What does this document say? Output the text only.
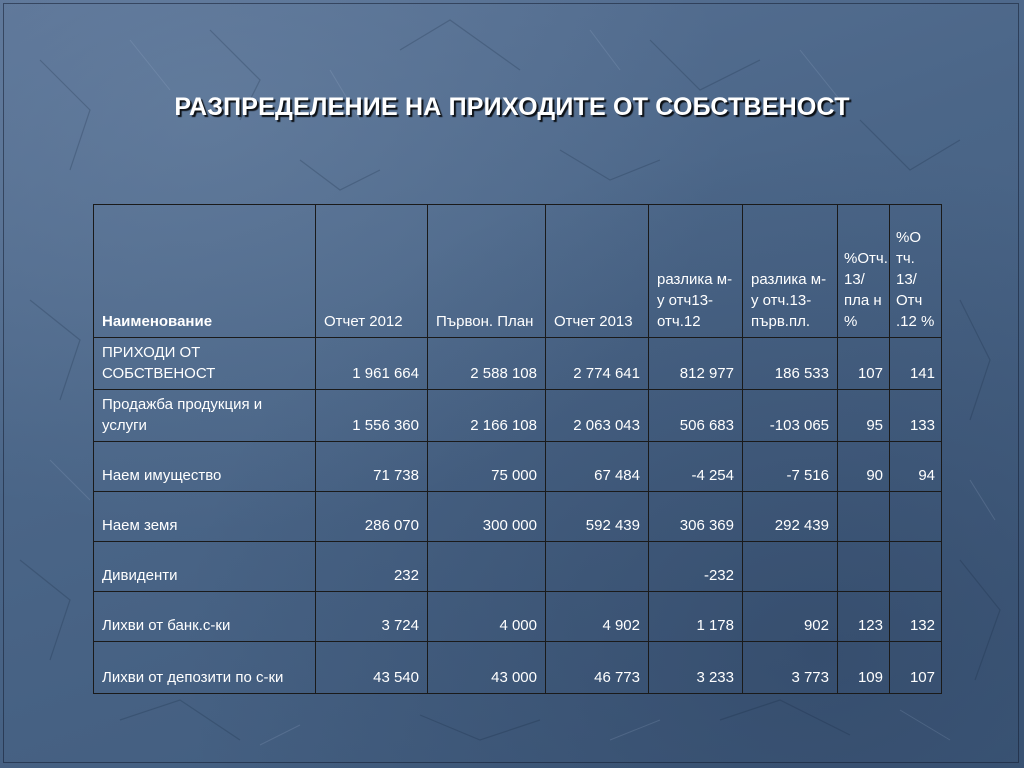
РАЗПРЕДЕЛЕНИЕ НА ПРИХОДИТЕ ОТ СОБСТВЕНОСТ
Наименование	Отчет 2012	Първон. План	Отчет 2013	разлика м-у отч13-отч.12	разлика м-у отч.13-първ.пл.	%Отч. 13/пла н %	%О тч. 13/ Отч .12 %
ПРИХОДИ ОТ СОБСТВЕНОСТ	1 961 664	2 588 108	2 774 641	812 977	186 533	107	141
Продажба продукция и услуги	1 556 360	2 166 108	2 063 043	506 683	-103 065	95	133
Наем имущество	71 738	75 000	67 484	-4 254	-7 516	90	94
Наем земя	286 070	300 000	592 439	306 369	292 439		
Дивиденти	232			-232			
Лихви от банк.с-ки	3 724	4 000	4 902	1 178	902	123	132
Лихви от депозити по с-ки	43 540	43 000	46 773	3 233	3 773	109	107
